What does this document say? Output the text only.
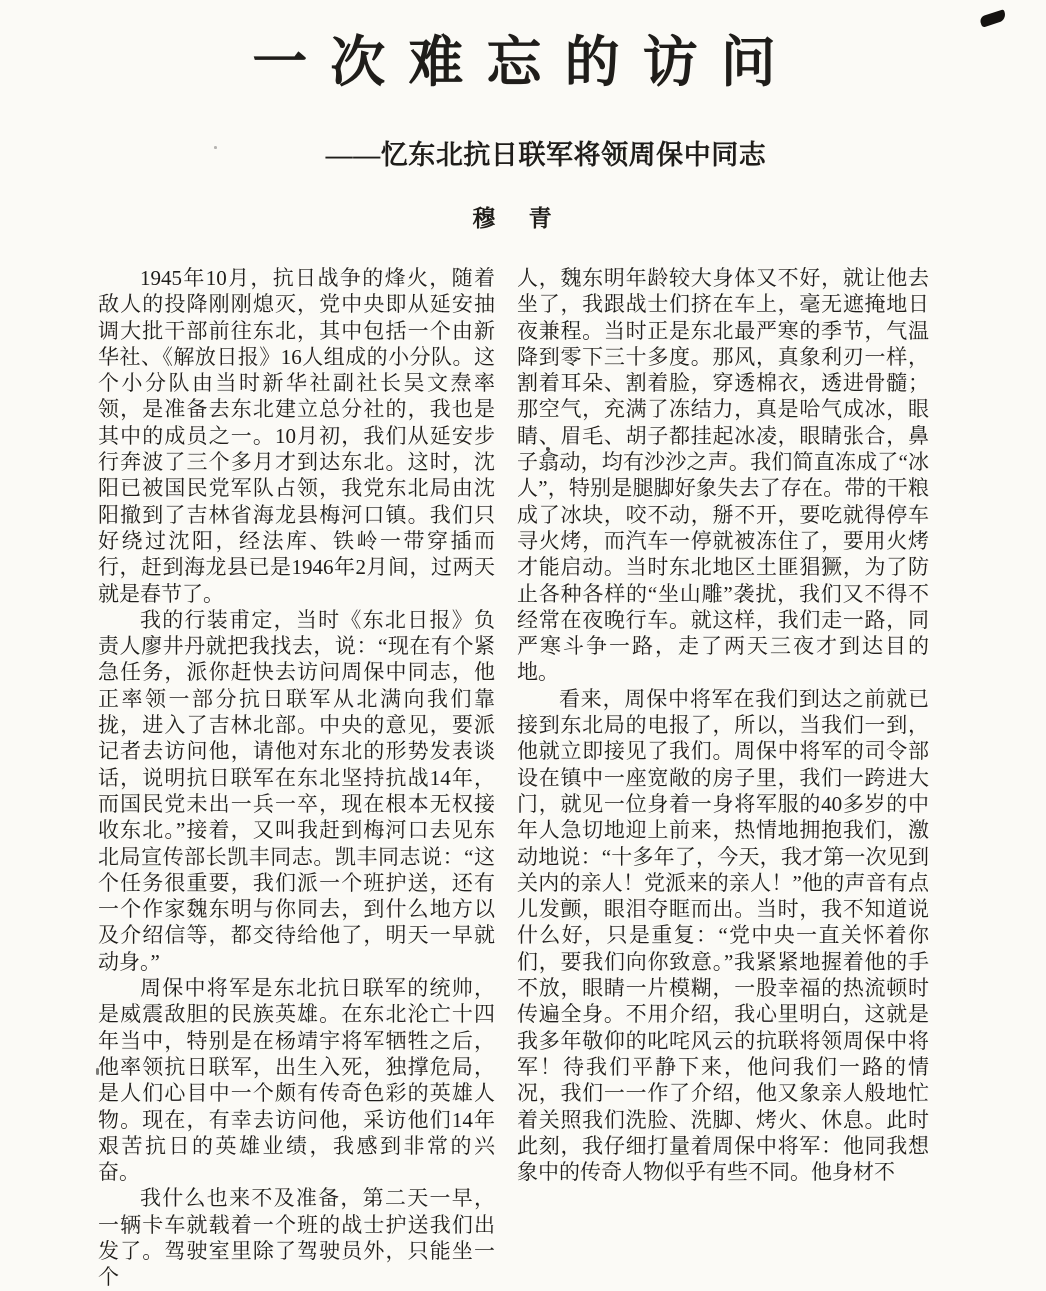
一次难忘的访问
——忆东北抗日联军将领周保中同志
穆 青

1945年10月，抗日战争的烽火，随着敌人的投降刚刚熄灭，党中央即从延安抽调大批干部前往东北，其中包括一个由新华社、《解放日报》16人组成的小分队。这个小分队由当时新华社副社长吴文焘率领，是准备去东北建立总分社的，我也是其中的成员之一。10月初，我们从延安步行奔波了三个多月才到达东北。这时，沈阳已被国民党军队占领，我党东北局由沈阳撤到了吉林省海龙县梅河口镇。我们只好绕过沈阳，经法库、铁岭一带穿插而行，赶到海龙县已是1946年2月间，过两天就是春节了。

我的行装甫定，当时《东北日报》负责人廖井丹就把我找去，说：“现在有个紧急任务，派你赶快去访问周保中同志，他正率领一部分抗日联军从北满向我们靠拢，进入了吉林北部。中央的意见，要派记者去访问他，请他对东北的形势发表谈话，说明抗日联军在东北坚持抗战14年，而国民党未出一兵一卒，现在根本无权接收东北。”接着，又叫我赶到梅河口去见东北局宣传部长凯丰同志。凯丰同志说：“这个任务很重要，我们派一个班护送，还有一个作家魏东明与你同去，到什么地方以及介绍信等，都交待给他了，明天一早就动身。”

周保中将军是东北抗日联军的统帅，是威震敌胆的民族英雄。在东北沦亡十四年当中，特别是在杨靖宇将军牺牲之后，他率领抗日联军，出生入死，独撑危局，是人们心目中一个颇有传奇色彩的英雄人物。现在，有幸去访问他，采访他们14年艰苦抗日的英雄业绩，我感到非常的兴奋。

我什么也来不及准备，第二天一早，一辆卡车就载着一个班的战士护送我们出发了。驾驶室里除了驾驶员外，只能坐一个

人，魏东明年龄较大身体又不好，就让他去坐了，我跟战士们挤在车上，毫无遮掩地日夜兼程。当时正是东北最严寒的季节，气温降到零下三十多度。那风，真象利刃一样，割着耳朵、割着脸，穿透棉衣，透进骨髓；那空气，充满了冻结力，真是哈气成冰，眼睛、眉毛、胡子都挂起冰凌，眼睛张合，鼻子翕动，均有沙沙之声。我们简直冻成了“冰人”，特别是腿脚好象失去了存在。带的干粮成了冰块，咬不动，掰不开，要吃就得停车寻火烤，而汽车一停就被冻住了，要用火烤才能启动。当时东北地区土匪猖獗，为了防止各种各样的“坐山雕”袭扰，我们又不得不经常在夜晚行车。就这样，我们走一路，同严寒斗争一路，走了两天三夜才到达目的地。

看来，周保中将军在我们到达之前就已接到东北局的电报了，所以，当我们一到，他就立即接见了我们。周保中将军的司令部设在镇中一座宽敞的房子里，我们一跨进大门，就见一位身着一身将军服的40多岁的中年人急切地迎上前来，热情地拥抱我们，激动地说：“十多年了，今天，我才第一次见到关内的亲人！党派来的亲人！”他的声音有点儿发颤，眼泪夺眶而出。当时，我不知道说什么好，只是重复：“党中央一直关怀着你们，要我们向你致意。”我紧紧地握着他的手不放，眼睛一片模糊，一股幸福的热流顿时传遍全身。不用介绍，我心里明白，这就是我多年敬仰的叱咤风云的抗联将领周保中将军！待我们平静下来，他问我们一路的情况，我们一一作了介绍，他又象亲人般地忙着关照我们洗脸、洗脚、烤火、休息。此时此刻，我仔细打量着周保中将军：他同我想象中的传奇人物似乎有些不同。他身材不
